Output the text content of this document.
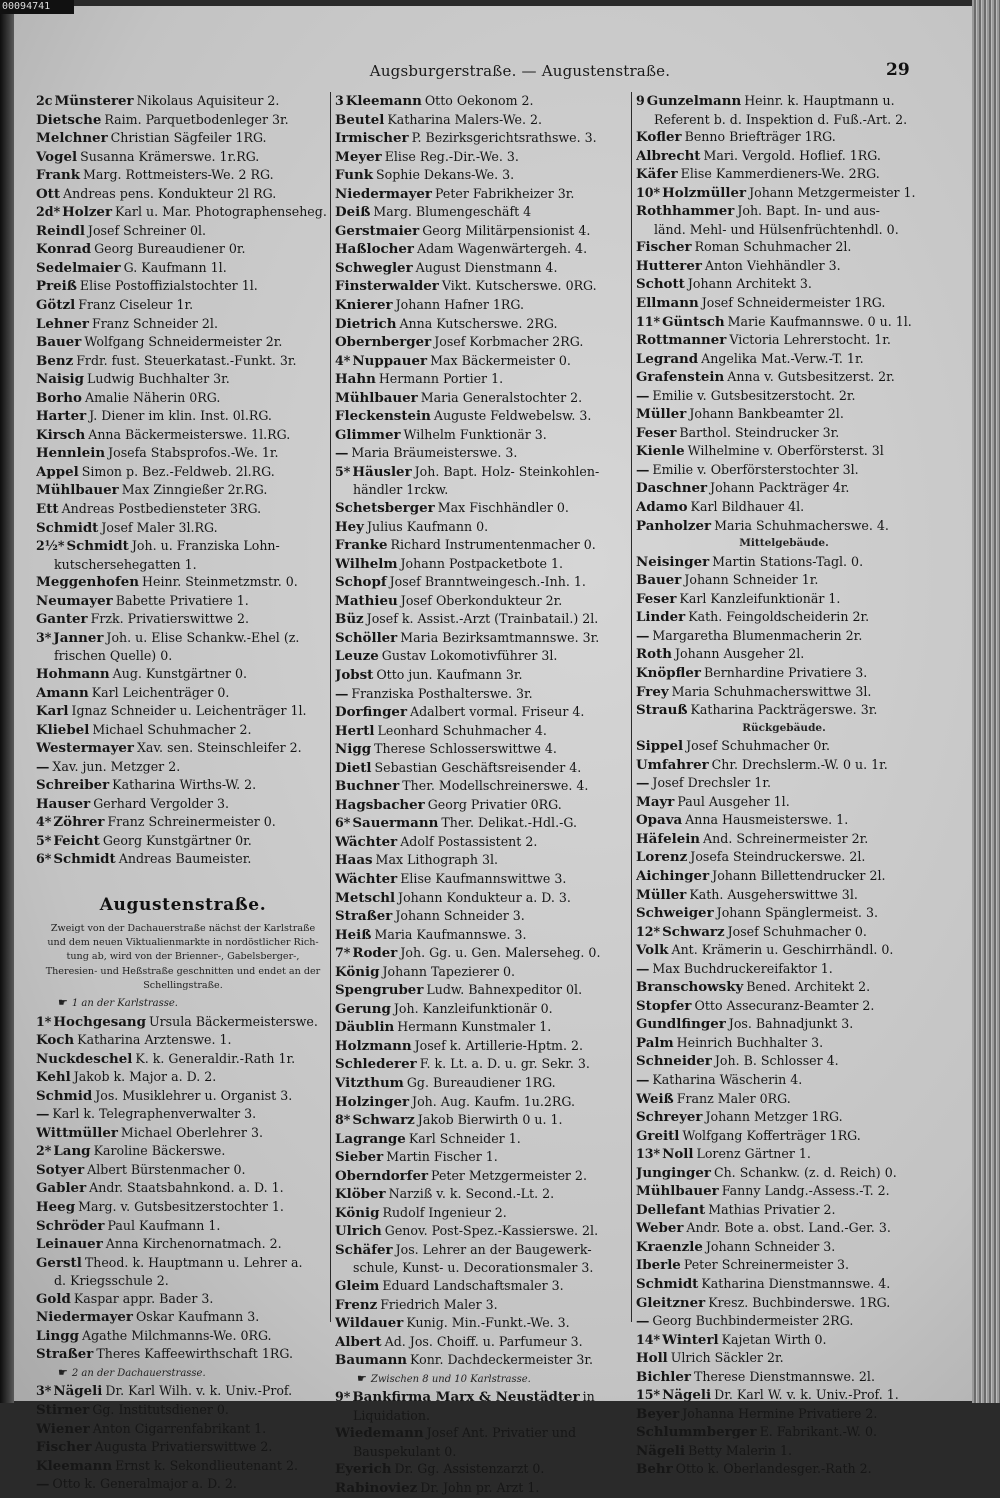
00094741
Augsburgerstraße. — Augustenstraße.	29
2c Münsterer Nikolaus Aquisiteur 2.
Dietsche Raim. Parquetbodenleger 3r.
Melchner Christian Sägfeiler 1RG.
Vogel Susanna Krämerswe. 1r.RG.
Frank Marg. Rottmeisters-We. 2 RG.
Ott Andreas pens. Kondukteur 2l RG.
2d* Holzer Karl u. Mar. Photographenseheg.
Reindl Josef Schreiner 0l.
Konrad Georg Bureaudiener 0r.
Sedelmaier G. Kaufmann 1l.
Preiß Elise Postoffizialstochter 1l.
Götzl Franz Ciseleur 1r.
Lehner Franz Schneider 2l.
Bauer Wolfgang Schneidermeister 2r.
Benz Frdr. fust. Steuerkatast.-Funkt. 3r.
Naisig Ludwig Buchhalter 3r.
Borho Amalie Näherin 0RG.
Harter J. Diener im klin. Inst. 0l.RG.
Kirsch Anna Bäckermeisterswe. 1l.RG.
Hennlein Josefa Stabsprofos.-We. 1r.
Appel Simon p. Bez.-Feldweb. 2l.RG.
Mühlbauer Max Zinngießer 2r.RG.
Ett Andreas Postbediensteter 3RG.
Schmidt Josef Maler 3l.RG.
2½* Schmidt Joh. u. Franziska Lohn-
kutschersehegatten 1.
Meggenhofen Heinr. Steinmetzmstr. 0.
Neumayer Babette Privatiere 1.
Ganter Frzk. Privatierswittwe 2.
3* Janner Joh. u. Elise Schankw.-Ehel (z.
frischen Quelle) 0.
Hohmann Aug. Kunstgärtner 0.
Amann Karl Leichenträger 0.
Karl Ignaz Schneider u. Leichenträger 1l.
Kliebel Michael Schuhmacher 2.
Westermayer Xav. sen. Steinschleifer 2.
— Xav. jun. Metzger 2.
Schreiber Katharina Wirths-W. 2.
Hauser Gerhard Vergolder 3.
4* Zöhrer Franz Schreinermeister 0.
5* Feicht Georg Kunstgärtner 0r.
6* Schmidt Andreas Baumeister.
Augustenstraße.
Zweigt von der Dachauerstraße nächst der Karlstraße
und dem neuen Viktualienmarkte in nordöstlicher Rich-
tung ab, wird von der Brienner-, Gabelsberger-,
Theresien- und Heßstraße geschnitten und endet an der
Schellingstraße.
☛ 1 an der Karlstrasse.
1* Hochgesang Ursula Bäckermeisterswe.
Koch Katharina Arztenswe. 1.
Nuckdeschel K. k. Generaldir.-Rath 1r.
Kehl Jakob k. Major a. D. 2.
Schmid Jos. Musiklehrer u. Organist 3.
— Karl k. Telegraphenverwalter 3.
Wittmüller Michael Oberlehrer 3.
2* Lang Karoline Bäckerswe.
Sotyer Albert Bürstenmacher 0.
Gabler Andr. Staatsbahnkond. a. D. 1.
Heeg Marg. v. Gutsbesitzerstochter 1.
Schröder Paul Kaufmann 1.
Leinauer Anna Kirchenornatmach. 2.
Gerstl Theod. k. Hauptmann u. Lehrer a.
d. Kriegsschule 2.
Gold Kaspar appr. Bader 3.
Niedermayer Oskar Kaufmann 3.
Lingg Agathe Milchmanns-We. 0RG.
Straßer Theres Kaffeewirthschaft 1RG.
☛ 2 an der Dachauerstrasse.
3* Nägeli Dr. Karl Wilh. v. k. Univ.-Prof.
Stirner Gg. Institutsdiener 0.
Wiener Anton Cigarrenfabrikant 1.
Fischer Augusta Privatierswittwe 2.
Kleemann Ernst k. Sekondlieutenant 2.
— Otto k. Generalmajor a. D. 2.
3 Kleemann Otto Oekonom 2.
Beutel Katharina Malers-We. 2.
Irmischer P. Bezirksgerichtsrathswe. 3.
Meyer Elise Reg.-Dir.-We. 3.
Funk Sophie Dekans-We. 3.
Niedermayer Peter Fabrikheizer 3r.
Deiß Marg. Blumengeschäft 4
Gerstmaier Georg Militärpensionist 4.
Haßlocher Adam Wagenwärtergeh. 4.
Schwegler August Dienstmann 4.
Finsterwalder Vikt. Kutscherswe. 0RG.
Knierer Johann Hafner 1RG.
Dietrich Anna Kutscherswe. 2RG.
Obernberger Josef Korbmacher 2RG.
4* Nuppauer Max Bäckermeister 0.
Hahn Hermann Portier 1.
Mühlbauer Maria Generalstochter 2.
Fleckenstein Auguste Feldwebelsw. 3.
Glimmer Wilhelm Funktionär 3.
— Maria Bräumeisterswe. 3.
5* Häusler Joh. Bapt. Holz- Steinkohlen-
händler 1rckw.
Schetsberger Max Fischhändler 0.
Hey Julius Kaufmann 0.
Franke Richard Instrumentenmacher 0.
Wilhelm Johann Postpacketbote 1.
Schopf Josef Branntweingesch.-Inh. 1.
Mathieu Josef Oberkondukteur 2r.
Büz Josef k. Assist.-Arzt (Trainbatail.) 2l.
Schöller Maria Bezirksamtmannswe. 3r.
Leuze Gustav Lokomotivführer 3l.
Jobst Otto jun. Kaufmann 3r.
— Franziska Posthalterswe. 3r.
Dorfinger Adalbert vormal. Friseur 4.
Hertl Leonhard Schuhmacher 4.
Nigg Therese Schlosserswittwe 4.
Dietl Sebastian Geschäftsreisender 4.
Buchner Ther. Modellschreinerswe. 4.
Hagsbacher Georg Privatier 0RG.
6* Sauermann Ther. Delikat.-Hdl.-G.
Wächter Adolf Postassistent 2.
Haas Max Lithograph 3l.
Wächter Elise Kaufmannswittwe 3.
Metschl Johann Kondukteur a. D. 3.
Straßer Johann Schneider 3.
Heiß Maria Kaufmannswe. 3.
7* Roder Joh. Gg. u. Gen. Malerseheg. 0.
König Johann Tapezierer 0.
Spengruber Ludw. Bahnexpeditor 0l.
Gerung Joh. Kanzleifunktionär 0.
Däublin Hermann Kunstmaler 1.
Holzmann Josef k. Artillerie-Hptm. 2.
Schlederer F. k. Lt. a. D. u. gr. Sekr. 3.
Vitzthum Gg. Bureaudiener 1RG.
Holzinger Joh. Aug. Kaufm. 1u.2RG.
8* Schwarz Jakob Bierwirth 0 u. 1.
Lagrange Karl Schneider 1.
Sieber Martin Fischer 1.
Oberndorfer Peter Metzgermeister 2.
Klöber Narziß v. k. Second.-Lt. 2.
König Rudolf Ingenieur 2.
Ulrich Genov. Post-Spez.-Kassierswe. 2l.
Schäfer Jos. Lehrer an der Baugewerk-
schule, Kunst- u. Decorationsmaler 3.
Gleim Eduard Landschaftsmaler 3.
Frenz Friedrich Maler 3.
Wildauer Kunig. Min.-Funkt.-We. 3.
Albert Ad. Jos. Choiff. u. Parfumeur 3.
Baumann Konr. Dachdeckermeister 3r.
☛ Zwischen 8 und 10 Karlstrasse.
9* Bankfirma Marx & Neustädter in
Liquidation.
Wiedemann Josef Ant. Privatier und
Bauspekulant 0.
Eyerich Dr. Gg. Assistenzarzt 0.
Rabinoviez Dr. John pr. Arzt 1.
9 Gunzelmann Heinr. k. Hauptmann u.
Referent b. d. Inspektion d. Fuß.-Art. 2.
Kofler Benno Briefträger 1RG.
Albrecht Mari. Vergold. Hoflief. 1RG.
Käfer Elise Kammerdieners-We. 2RG.
10* Holzmüller Johann Metzgermeister 1.
Rothhammer Joh. Bapt. In- und aus-
länd. Mehl- und Hülsenfrüchtenhdl. 0.
Fischer Roman Schuhmacher 2l.
Hutterer Anton Viehhändler 3.
Schott Johann Architekt 3.
Ellmann Josef Schneidermeister 1RG.
11* Güntsch Marie Kaufmannswe. 0 u. 1l.
Rottmanner Victoria Lehrerstocht. 1r.
Legrand Angelika Mat.-Verw.-T. 1r.
Grafenstein Anna v. Gutsbesitzerst. 2r.
— Emilie v. Gutsbesitzerstocht. 2r.
Müller Johann Bankbeamter 2l.
Feser Barthol. Steindrucker 3r.
Kienle Wilhelmine v. Oberförsterst. 3l
— Emilie v. Oberförsterstochter 3l.
Daschner Johann Packträger 4r.
Adamo Karl Bildhauer 4l.
Panholzer Maria Schuhmacherswe. 4.
Mittelgebäude.
Neisinger Martin Stations-Tagl. 0.
Bauer Johann Schneider 1r.
Feser Karl Kanzleifunktionär 1.
Linder Kath. Feingoldscheiderin 2r.
— Margaretha Blumenmacherin 2r.
Roth Johann Ausgeher 2l.
Knöpfler Bernhardine Privatiere 3.
Frey Maria Schuhmacherswittwe 3l.
Strauß Katharina Packträgerswe. 3r.
Rückgebäude.
Sippel Josef Schuhmacher 0r.
Umfahrer Chr. Drechslerm.-W. 0 u. 1r.
— Josef Drechsler 1r.
Mayr Paul Ausgeher 1l.
Opava Anna Hausmeisterswe. 1.
Häfelein And. Schreinermeister 2r.
Lorenz Josefa Steindruckerswe. 2l.
Aichinger Johann Billettendrucker 2l.
Müller Kath. Ausgeherswittwe 3l.
Schweiger Johann Spänglermeist. 3.
12* Schwarz Josef Schuhmacher 0.
Volk Ant. Krämerin u. Geschirrhändl. 0.
— Max Buchdruckereifaktor 1.
Branschowsky Bened. Architekt 2.
Stopfer Otto Assecuranz-Beamter 2.
Gundlfinger Jos. Bahnadjunkt 3.
Palm Heinrich Buchhalter 3.
Schneider Joh. B. Schlosser 4.
— Katharina Wäscherin 4.
Weiß Franz Maler 0RG.
Schreyer Johann Metzger 1RG.
Greitl Wolfgang Kofferträger 1RG.
13* Noll Lorenz Gärtner 1.
Junginger Ch. Schankw. (z. d. Reich) 0.
Mühlbauer Fanny Landg.-Assess.-T. 2.
Dellefant Mathias Privatier 2.
Weber Andr. Bote a. obst. Land.-Ger. 3.
Kraenzle Johann Schneider 3.
Iberle Peter Schreinermeister 3.
Schmidt Katharina Dienstmannswe. 4.
Gleitzner Kresz. Buchbinderswe. 1RG.
— Georg Buchbindermeister 2RG.
14* Winterl Kajetan Wirth 0.
Holl Ulrich Säckler 2r.
Bichler Therese Dienstmannswe. 2l.
15* Nägeli Dr. Karl W. v. k. Univ.-Prof. 1.
Beyer Johanna Hermine Privatiere 2.
Schlummberger E. Fabrikant.-W. 0.
Nägeli Betty Malerin 1.
Behr Otto k. Oberlandesger.-Rath 2.
